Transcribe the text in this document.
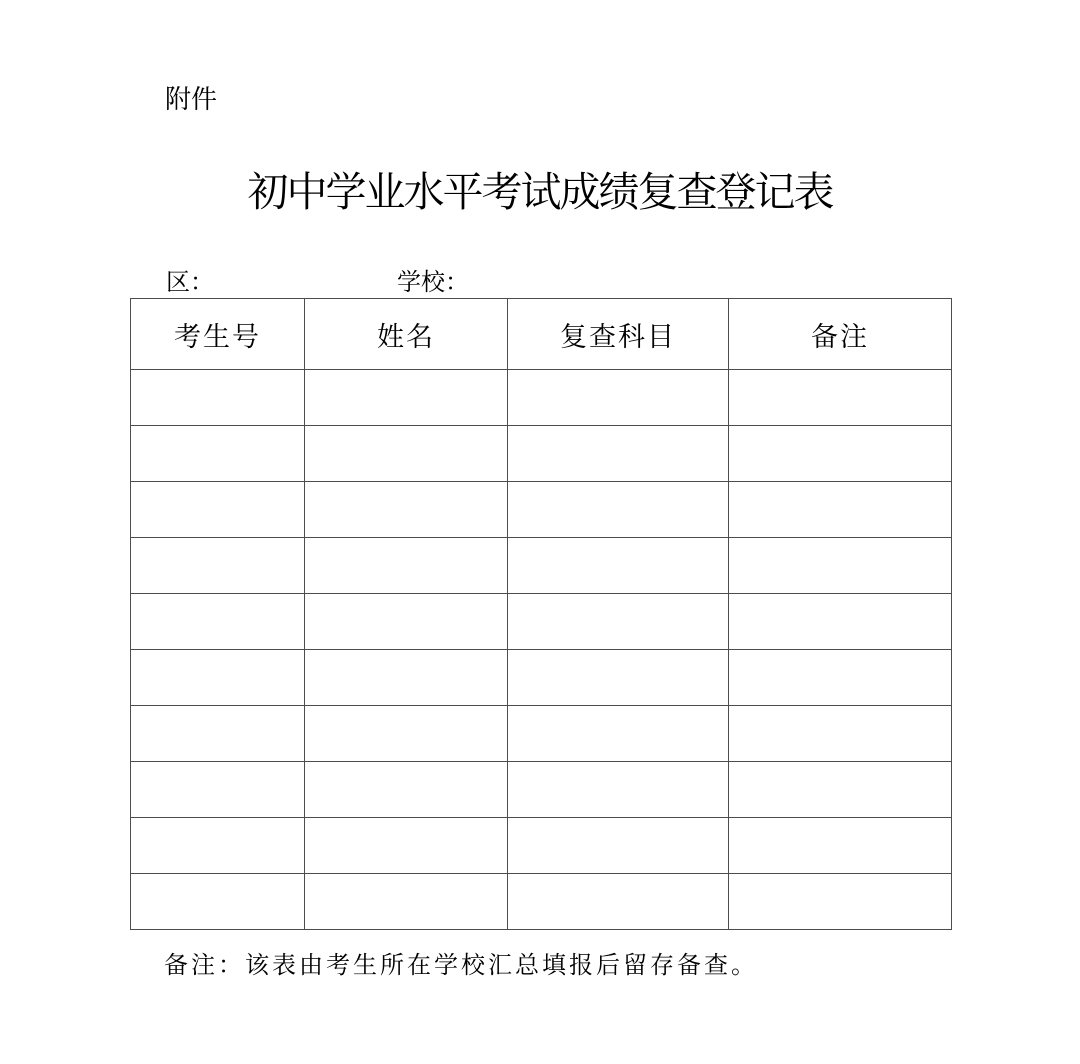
附件
初中学业水平考试成绩复查登记表
区：	学校：
考生号	姓名	复查科目	备注

备注：该表由考生所在学校汇总填报后留存备查。
